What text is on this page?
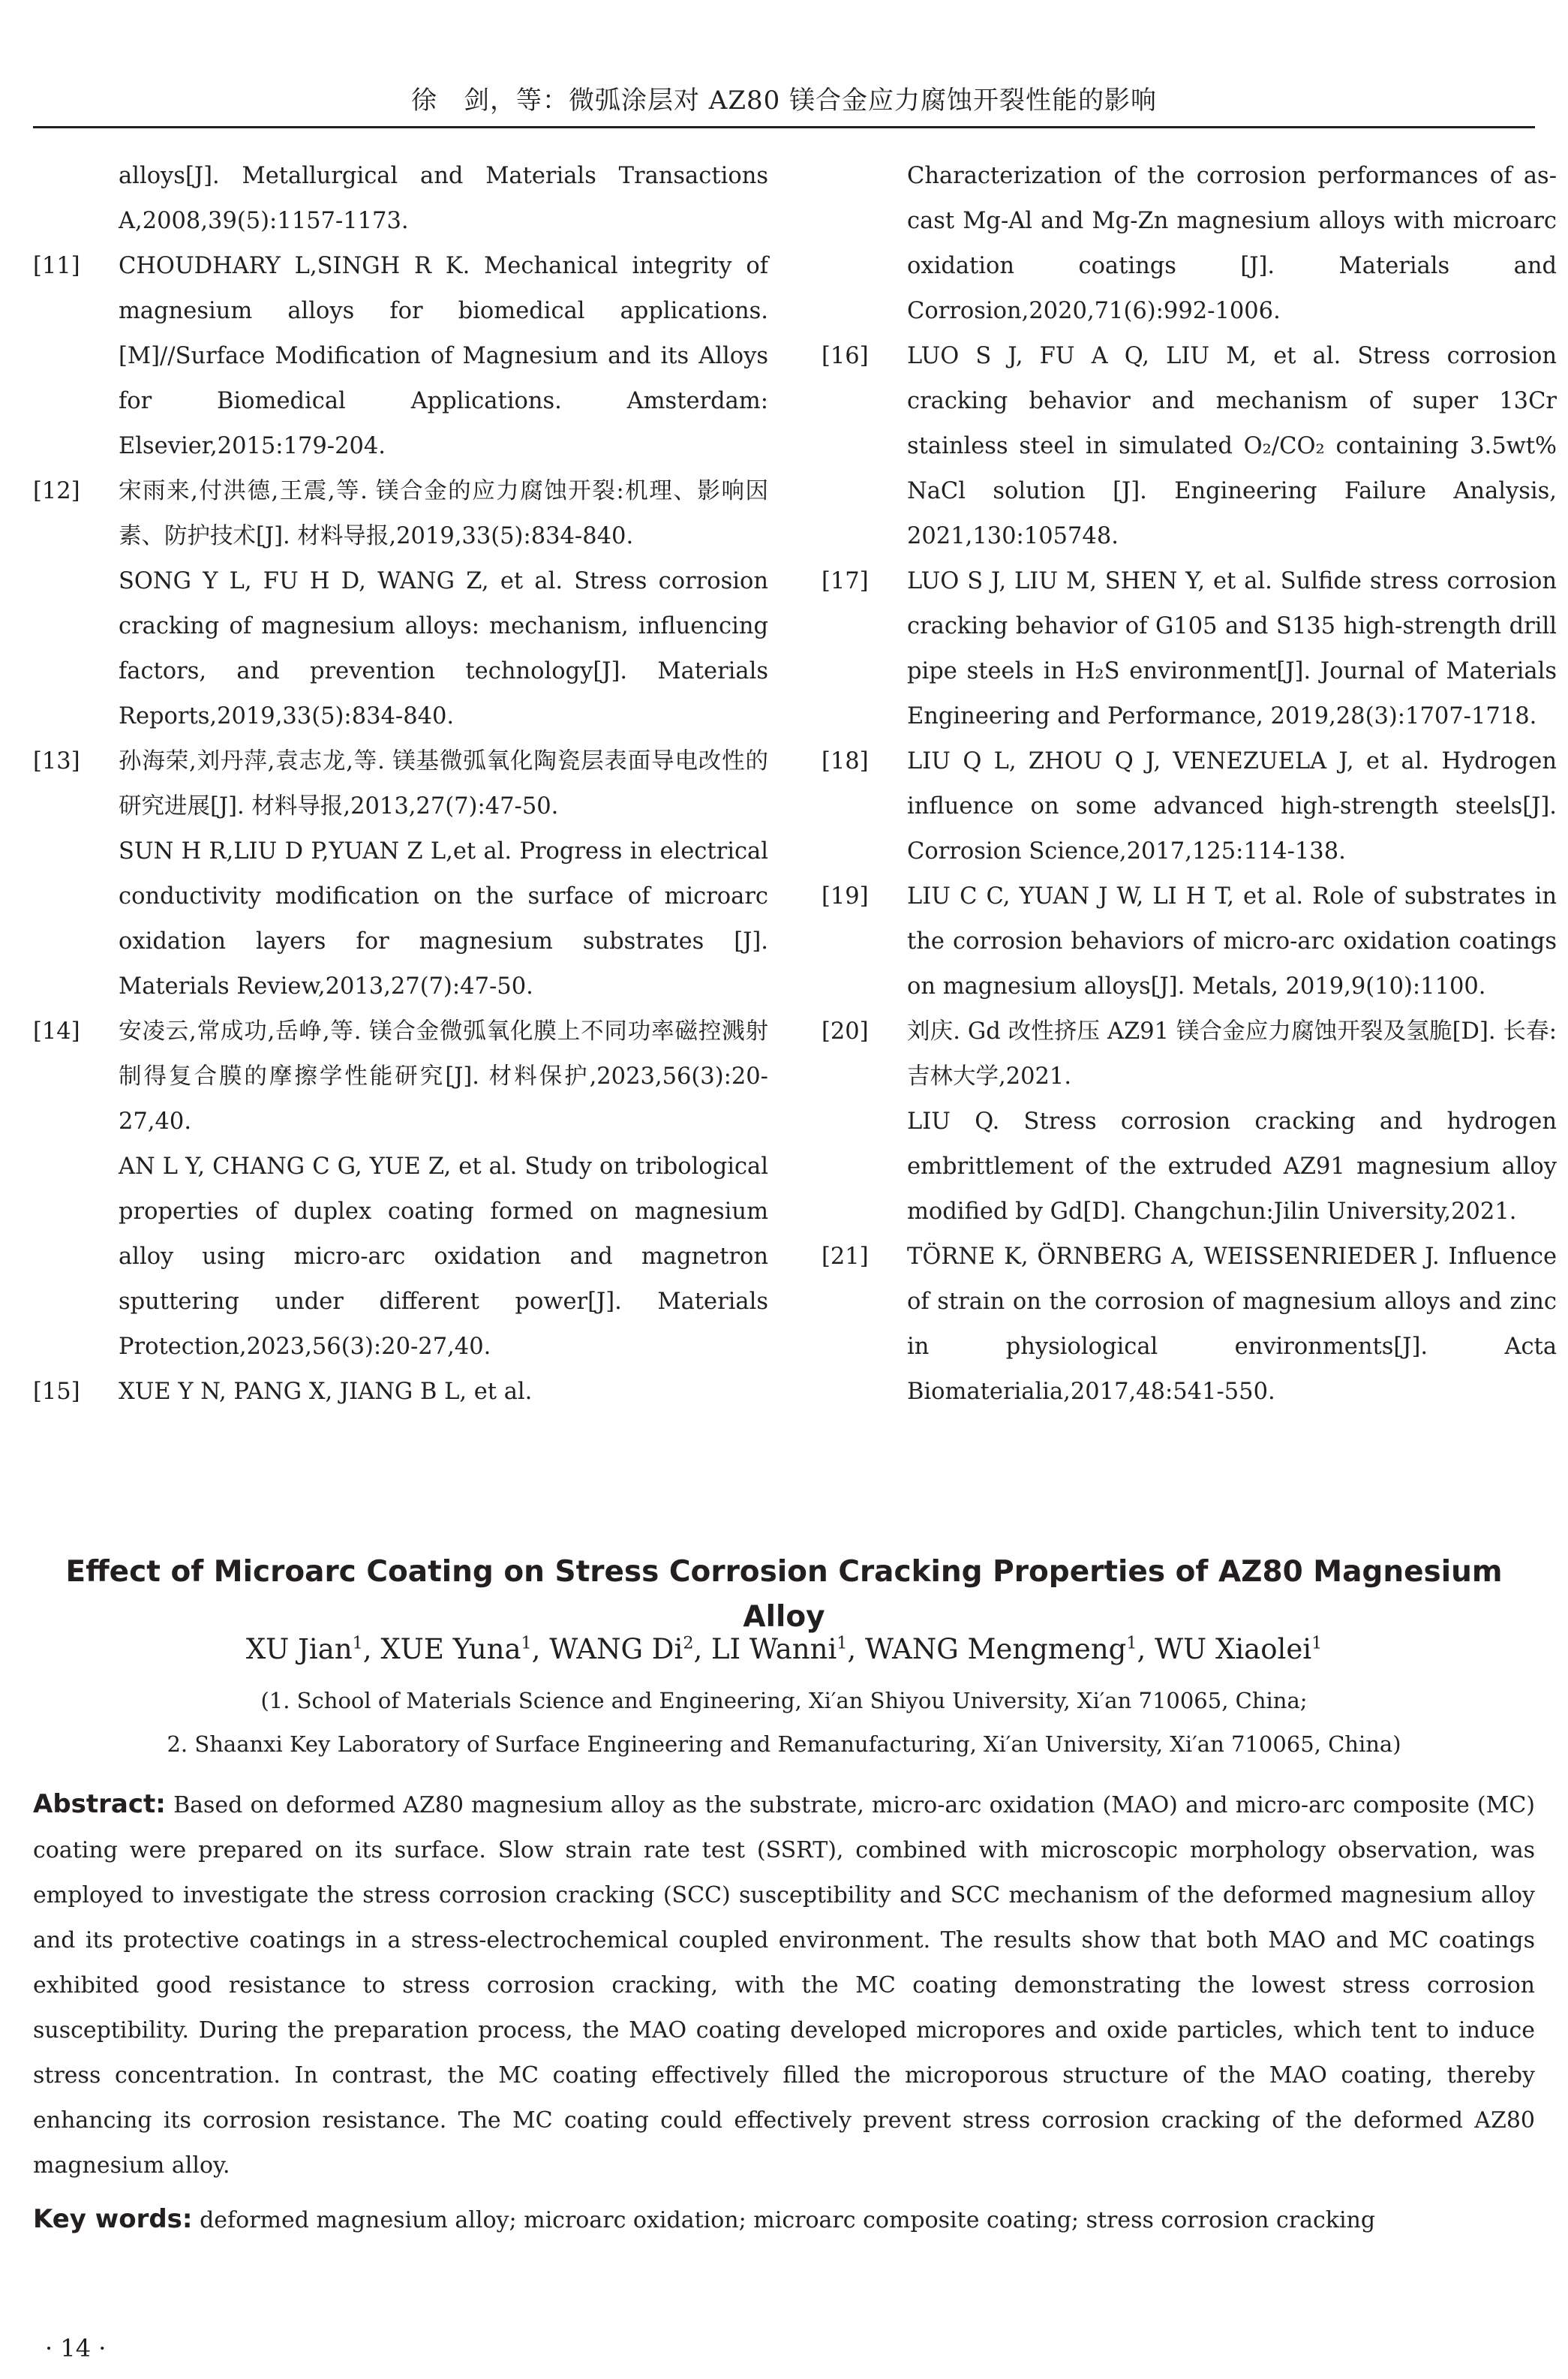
徐　剑，等：微弧涂层对 AZ80 镁合金应力腐蚀开裂性能的影响

alloys[J]. Metallurgical and Materials Transactions A,2008,39(5):1157-1173.

[11]	CHOUDHARY L,SINGH R K. Mechanical integrity of magnesium alloys for biomedical applications. [M]//Surface Modification of Magnesium and its Alloys for Biomedical Applications. Amsterdam: Elsevier,2015:179-204.

[12]	宋雨来,付洪德,王震,等. 镁合金的应力腐蚀开裂:机理、影响因素、防护技术[J]. 材料导报,2019,33(5):834-840.

SONG Y L, FU H D, WANG Z, et al. Stress corrosion cracking of magnesium alloys: mechanism, influencing factors, and prevention technology[J]. Materials Reports,2019,33(5):834-840.

[13]	孙海荣,刘丹萍,袁志龙,等. 镁基微弧氧化陶瓷层表面导电改性的研究进展[J]. 材料导报,2013,27(7):47-50.

SUN H R,LIU D P,YUAN Z L,et al. Progress in electrical conductivity modification on the surface of microarc oxidation layers for magnesium substrates [J]. Materials Review,2013,27(7):47-50.

[14]	安凌云,常成功,岳峥,等. 镁合金微弧氧化膜上不同功率磁控溅射制得复合膜的摩擦学性能研究[J]. 材料保护,2023,56(3):20-27,40.

AN L Y, CHANG C G, YUE Z, et al. Study on tribological properties of duplex coating formed on magnesium alloy using micro-arc oxidation and magnetron sputtering under different power[J]. Materials Protection,2023,56(3):20-27,40.

[15]	XUE Y N, PANG X, JIANG B L, et al.

Characterization of the corrosion performances of as-cast Mg-Al and Mg-Zn magnesium alloys with microarc oxidation coatings [J]. Materials and Corrosion,2020,71(6):992-1006.

[16]	LUO S J, FU A Q, LIU M, et al. Stress corrosion cracking behavior and mechanism of super 13Cr stainless steel in simulated O₂/CO₂ containing 3.5wt% NaCl solution [J]. Engineering Failure Analysis, 2021,130:105748.

[17]	LUO S J, LIU M, SHEN Y, et al. Sulfide stress corrosion cracking behavior of G105 and S135 high-strength drill pipe steels in H₂S environment[J]. Journal of Materials Engineering and Performance, 2019,28(3):1707-1718.

[18]	LIU Q L, ZHOU Q J, VENEZUELA J, et al. Hydrogen influence on some advanced high-strength steels[J]. Corrosion Science,2017,125:114-138.

[19]	LIU C C, YUAN J W, LI H T, et al. Role of substrates in the corrosion behaviors of micro-arc oxidation coatings on magnesium alloys[J]. Metals, 2019,9(10):1100.

[20]	刘庆. Gd 改性挤压 AZ91 镁合金应力腐蚀开裂及氢脆[D]. 长春:吉林大学,2021.

LIU Q. Stress corrosion cracking and hydrogen embrittlement of the extruded AZ91 magnesium alloy modified by Gd[D]. Changchun:Jilin University,2021.

[21]	TÖRNE K, ÖRNBERG A, WEISSENRIEDER J. Influence of strain on the corrosion of magnesium alloys and zinc in physiological environments[J]. Acta Biomaterialia,2017,48:541-550.

Effect of Microarc Coating on Stress Corrosion Cracking Properties of AZ80 Magnesium Alloy
XU Jian$^1$, XUE Yuna$^1$, WANG Di$^2$, LI Wanni$^1$, WANG Mengmeng$^1$, WU Xiaolei$^1$

(1. School of Materials Science and Engineering, Xi′an Shiyou University, Xi′an 710065, China;

2. Shaanxi Key Laboratory of Surface Engineering and Remanufacturing, Xi′an University, Xi′an 710065, China)

Abstract: Based on deformed AZ80 magnesium alloy as the substrate, micro-arc oxidation (MAO) and micro-arc composite (MC) coating were prepared on its surface. Slow strain rate test (SSRT), combined with microscopic morphology observation, was employed to investigate the stress corrosion cracking (SCC) susceptibility and SCC mechanism of the deformed magnesium alloy and its protective coatings in a stress-electrochemical coupled environment. The results show that both MAO and MC coatings exhibited good resistance to stress corrosion cracking, with the MC coating demonstrating the lowest stress corrosion susceptibility. During the preparation process, the MAO coating developed micropores and oxide particles, which tent to induce stress concentration. In contrast, the MC coating effectively filled the microporous structure of the MAO coating, thereby enhancing its corrosion resistance. The MC coating could effectively prevent stress corrosion cracking of the deformed AZ80 magnesium alloy.
Key words: deformed magnesium alloy; microarc oxidation; microarc composite coating; stress corrosion cracking
· 14 ·
